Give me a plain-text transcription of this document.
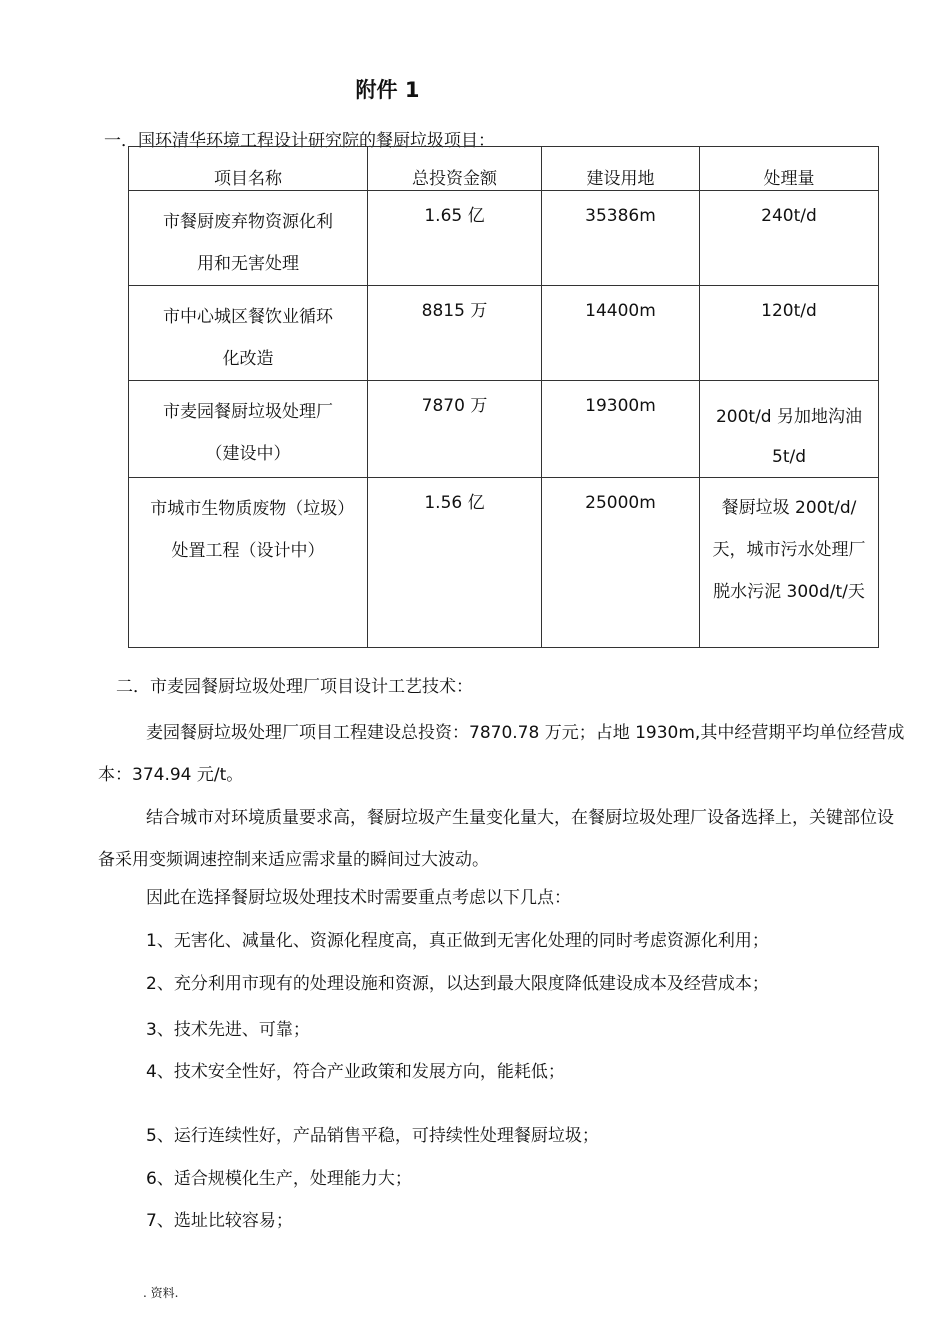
附件 1
一．国环清华环境工程设计研究院的餐厨垃圾项目：
项目名称	总投资金额	建设用地	处理量

市餐厨废弃物资源化利用和无害处理	1.65 亿	35386m	240t/d

市中心城区餐饮业循环化改造	8815 万	14400m	120t/d

市麦园餐厨垃圾处理厂（建设中）	7870 万	19300m	200t/d 另加地沟油 5t/d

市城市生物质废物（垃圾）处置工程（设计中）	1.56 亿	25000m	餐厨垃圾 200t/d/天，城市污水处理厂脱水污泥 300d/t/天
二．市麦园餐厨垃圾处理厂项目设计工艺技术：
麦园餐厨垃圾处理厂项目工程建设总投资：7870.78 万元；占地 1930m,其中经营期平均单位经营成本：374.94 元/t。
结合城市对环境质量要求高，餐厨垃圾产生量变化量大，在餐厨垃圾处理厂设备选择上，关键部位设备采用变频调速控制来适应需求量的瞬间过大波动。
因此在选择餐厨垃圾处理技术时需要重点考虑以下几点：
1、无害化、减量化、资源化程度高，真正做到无害化处理的同时考虑资源化利用；
2、充分利用市现有的处理设施和资源，以达到最大限度降低建设成本及经营成本；
3、技术先进、可靠；
4、技术安全性好，符合产业政策和发展方向，能耗低；
5、运行连续性好，产品销售平稳，可持续性处理餐厨垃圾；
6、适合规模化生产，处理能力大；
7、选址比较容易；
. 资料.
